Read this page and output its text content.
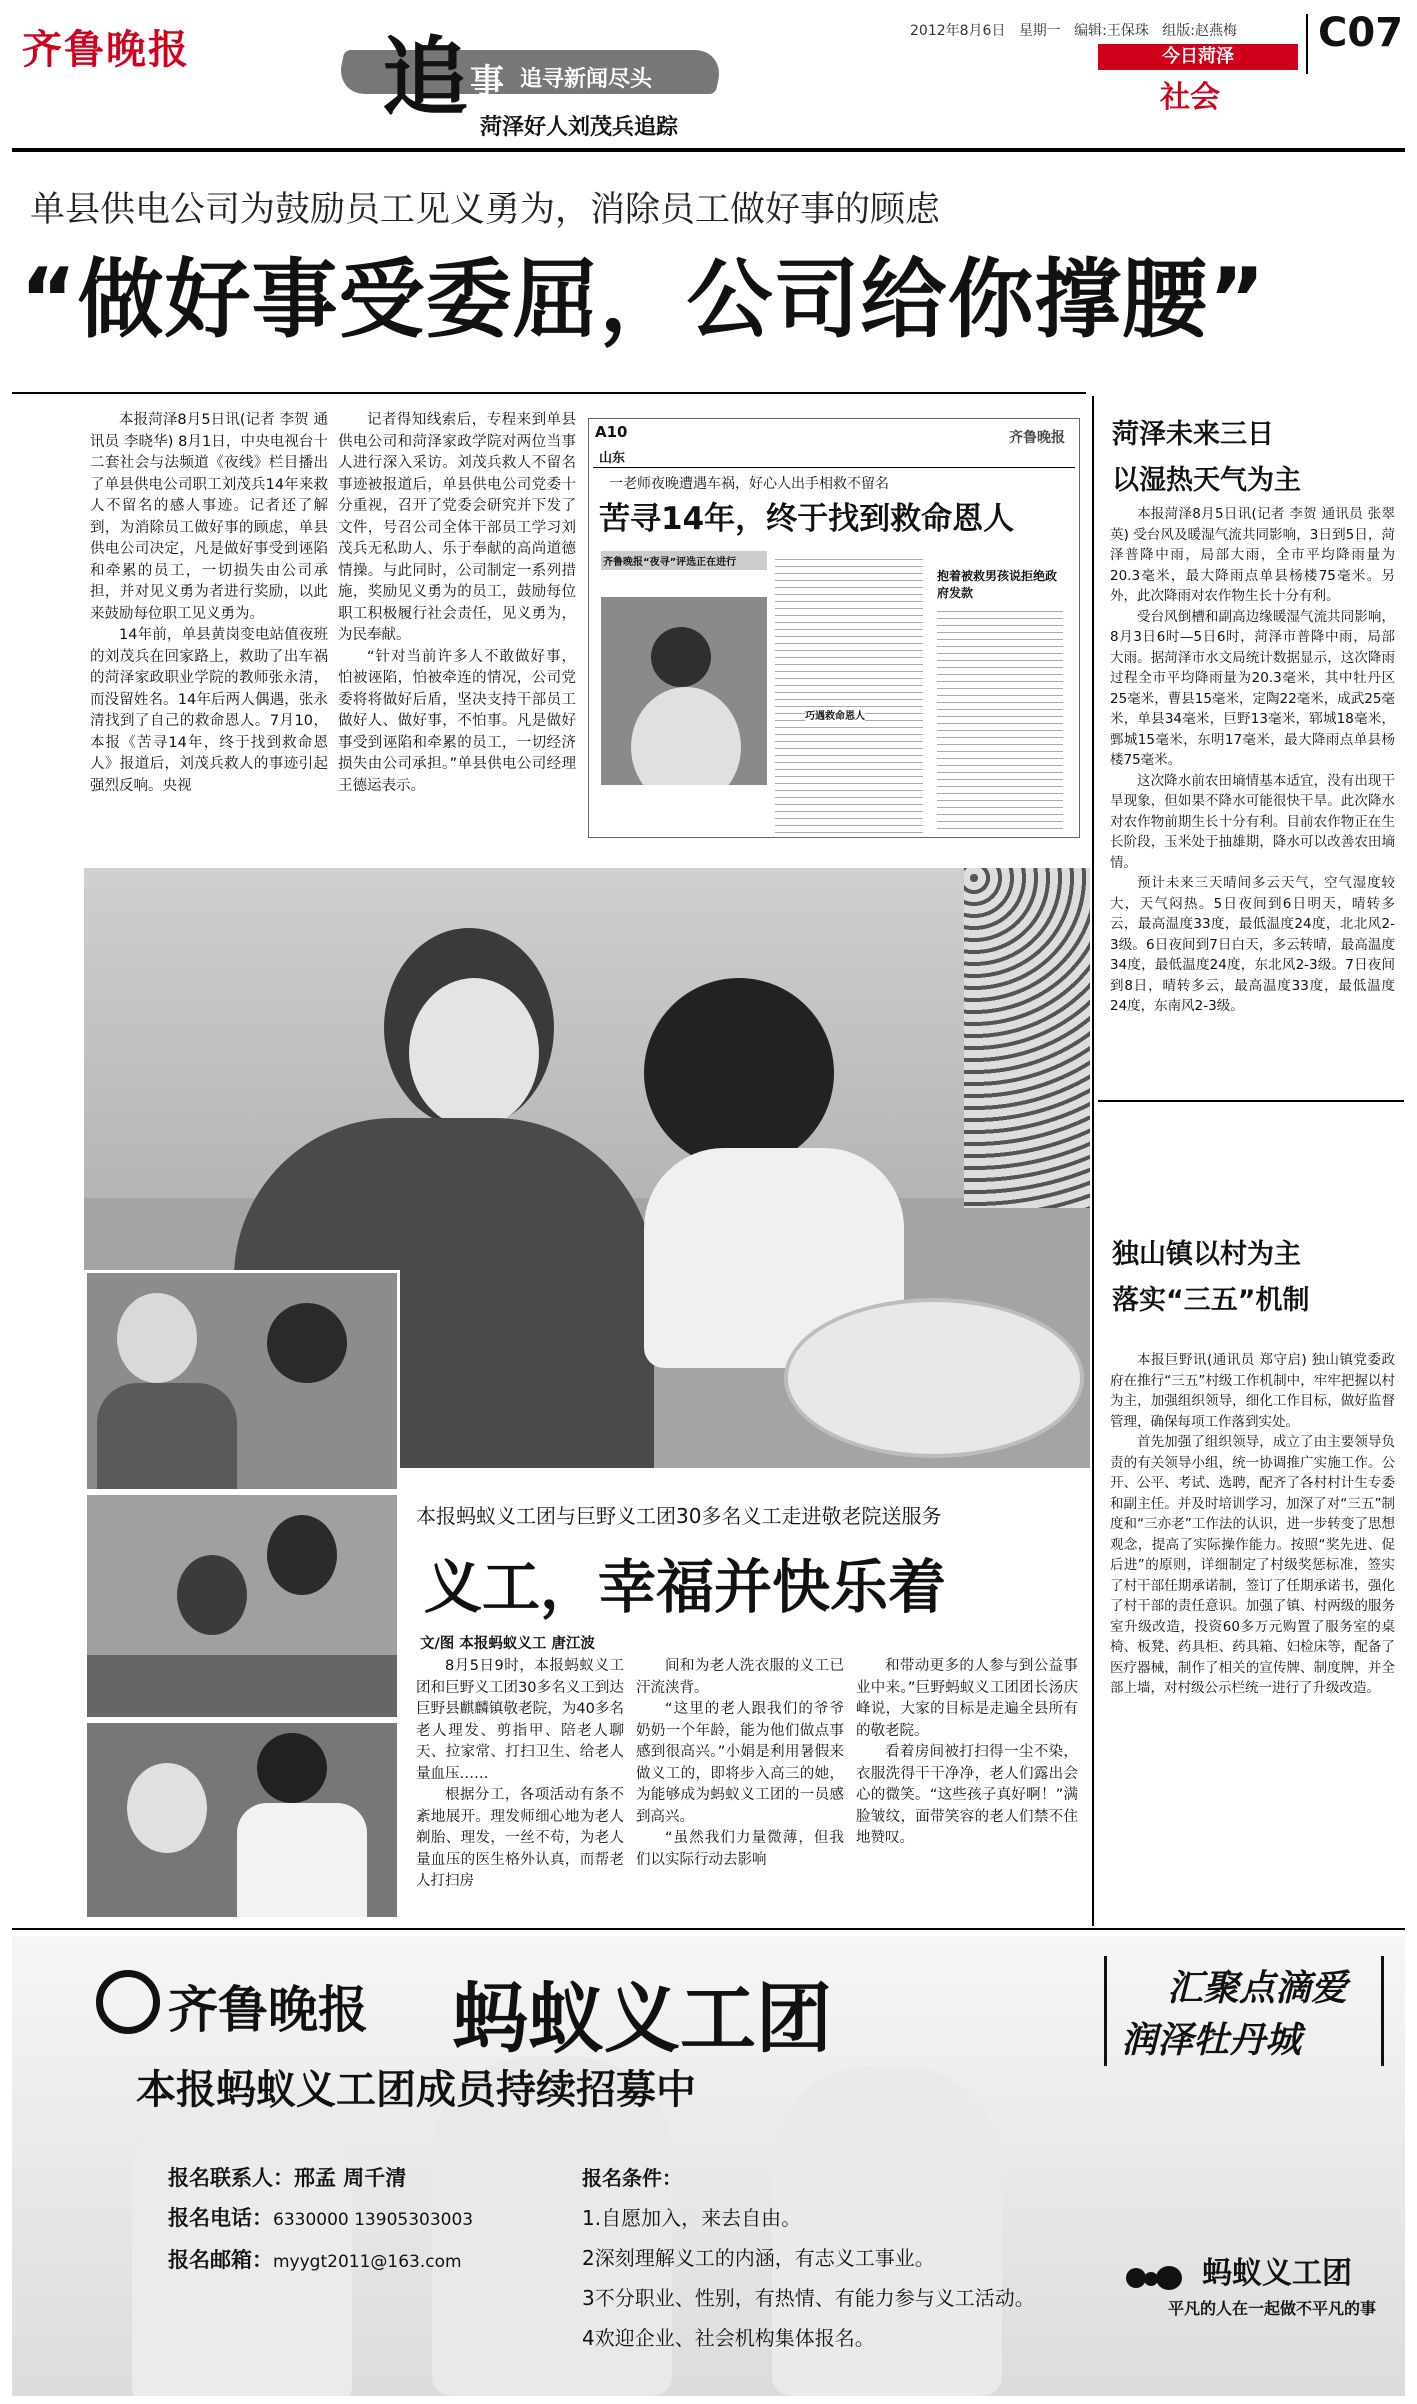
齐鲁晚报 追 事 追寻新闻尽头
菏泽好人刘茂兵追踪
2012年8月6日 星期一 编辑:王保珠 组版:赵燕梅 C07
今日菏泽
社会
单县供电公司为鼓励员工见义勇为，消除员工做好事的顾虑
“做好事受委屈，公司给你撑腰”

本报菏泽8月5日讯(记者 李贺 通讯员 李晓华) 8月1日，中央电视台十二套社会与法频道《夜线》栏目播出了单县供电公司职工刘茂兵14年来救人不留名的感人事迹。记者还了解到，为消除员工做好事的顾虑，单县供电公司决定，凡是做好事受到诬陷和牵累的员工，一切损失由公司承担，并对见义勇为者进行奖励，以此来鼓励每位职工见义勇为。

14年前，单县黄岗变电站值夜班的刘茂兵在回家路上，救助了出车祸的菏泽家政职业学院的教师张永清，而没留姓名。14年后两人偶遇，张永清找到了自己的救命恩人。7月10，本报《苦寻14年，终于找到救命恩人》报道后，刘茂兵救人的事迹引起强烈反响。央视

记者得知线索后，专程来到单县供电公司和菏泽家政学院对两位当事人进行深入采访。刘茂兵救人不留名事迹被报道后，单县供电公司党委十分重视，召开了党委会研究并下发了文件，号召公司全体干部员工学习刘茂兵无私助人、乐于奉献的高尚道德情操。与此同时，公司制定一系列措施，奖励见义勇为的员工，鼓励每位职工积极履行社会责任，见义勇为，为民奉献。

“针对当前许多人不敢做好事，怕被诬陷，怕被牵连的情况，公司党委将将做好后盾，坚决支持干部员工做好人、做好事，不怕事。凡是做好事受到诬陷和牵累的员工，一切经济损失由公司承担。”单县供电公司经理王德运表示。

A10
山东
齐鲁晚报
一老师夜晚遭遇车祸，好心人出手相救不留名
苦寻14年，终于找到救命恩人
齐鲁晚报“夜寻”评选正在进行
巧遇救命恩人
抱着被救男孩说拒绝政府发款
菏泽未来三日
以湿热天气为主

本报菏泽8月5日讯(记者 李贺 通讯员 张翠英) 受台风及暖湿气流共同影响，3日到5日，菏泽普降中雨，局部大雨，全市平均降雨量为20.3毫米，最大降雨点单县杨楼75毫米。另外，此次降雨对农作物生长十分有利。

受台风倒槽和副高边缘暖湿气流共同影响，8月3日6时—5日6时，菏泽市普降中雨，局部大雨。据菏泽市水文局统计数据显示，这次降雨过程全市平均降雨量为20.3毫米，其中牡丹区25毫米，曹县15毫米，定陶22毫米，成武25毫米，单县34毫米，巨野13毫米，郓城18毫米，鄄城15毫米，东明17毫米，最大降雨点单县杨楼75毫米。

这次降水前农田墒情基本适宜，没有出现干旱现象，但如果不降水可能很快干旱。此次降水对农作物前期生长十分有利。目前农作物正在生长阶段，玉米处于抽雄期，降水可以改善农田墒情。

预计未来三天晴间多云天气，空气湿度较大，天气闷热。5日夜间到6日明天，晴转多云，最高温度33度，最低温度24度，北北风2-3级。6日夜间到7日白天，多云转晴，最高温度34度，最低温度24度，东北风2-3级。7日夜间到8日，晴转多云，最高温度33度，最低温度24度，东南风2-3级。

独山镇以村为主
落实“三五”机制

本报巨野讯(通讯员 郑守启) 独山镇党委政府在推行“三五”村级工作机制中，牢牢把握以村为主，加强组织领导，细化工作目标，做好监督管理，确保每项工作落到实处。

首先加强了组织领导，成立了由主要领导负责的有关领导小组，统一协调推广实施工作。公开、公平、考试、选聘，配齐了各村村计生专委和副主任。并及时培训学习，加深了对“三五”制度和“三亦老”工作法的认识，进一步转变了思想观念，提高了实际操作能力。按照“奖先进、促后进”的原则，详细制定了村级奖惩标准，签实了村干部任期承诺制，签订了任期承诺书，强化了村干部的责任意识。加强了镇、村两级的服务室升级改造，投资60多万元购置了服务室的桌椅、板凳、药具柜、药具箱、妇检床等，配备了医疗器械，制作了相关的宣传牌、制度牌，并全部上墙，对村级公示栏统一进行了升级改造。

本报蚂蚁义工团与巨野义工团30多名义工走进敬老院送服务
义工，幸福并快乐着
文/图 本报蚂蚁义工 唐江波

8月5日9时，本报蚂蚁义工团和巨野义工团30多名义工到达巨野县麒麟镇敬老院，为40多名老人理发、剪指甲、陪老人聊天、拉家常、打扫卫生、给老人量血压……

根据分工，各项活动有条不紊地展开。理发师细心地为老人剃胎、理发，一丝不苟，为老人量血压的医生格外认真，而帮老人打扫房

间和为老人洗衣服的义工已汗流浃背。

“这里的老人跟我们的爷爷奶奶一个年龄，能为他们做点事感到很高兴。”小娟是利用暑假来做义工的，即将步入高三的她，为能够成为蚂蚁义工团的一员感到高兴。

“虽然我们力量微薄，但我们以实际行动去影响

和带动更多的人参与到公益事业中来。”巨野蚂蚁义工团团长汤庆峰说，大家的目标是走遍全县所有的敬老院。

看着房间被打扫得一尘不染，衣服洗得干干净净，老人们露出会心的微笑。“这些孩子真好啊！”满脸皱纹，面带笑容的老人们禁不住地赞叹。

齐鲁晚报 蚂蚁义工团	汇聚点滴爱
润泽牡丹城
本报蚂蚁义工团成员持续招募中
报名联系人：邢孟 周千清
报名电话：6330000 13905303003
报名邮箱：myygt2011@163.com
报名条件：
1.自愿加入，来去自由。
2深刻理解义工的内涵，有志义工事业。
3不分职业、性别，有热情、有能力参与义工活动。
4欢迎企业、社会机构集体报名。
蚂蚁义工团
平凡的人在一起做不平凡的事
